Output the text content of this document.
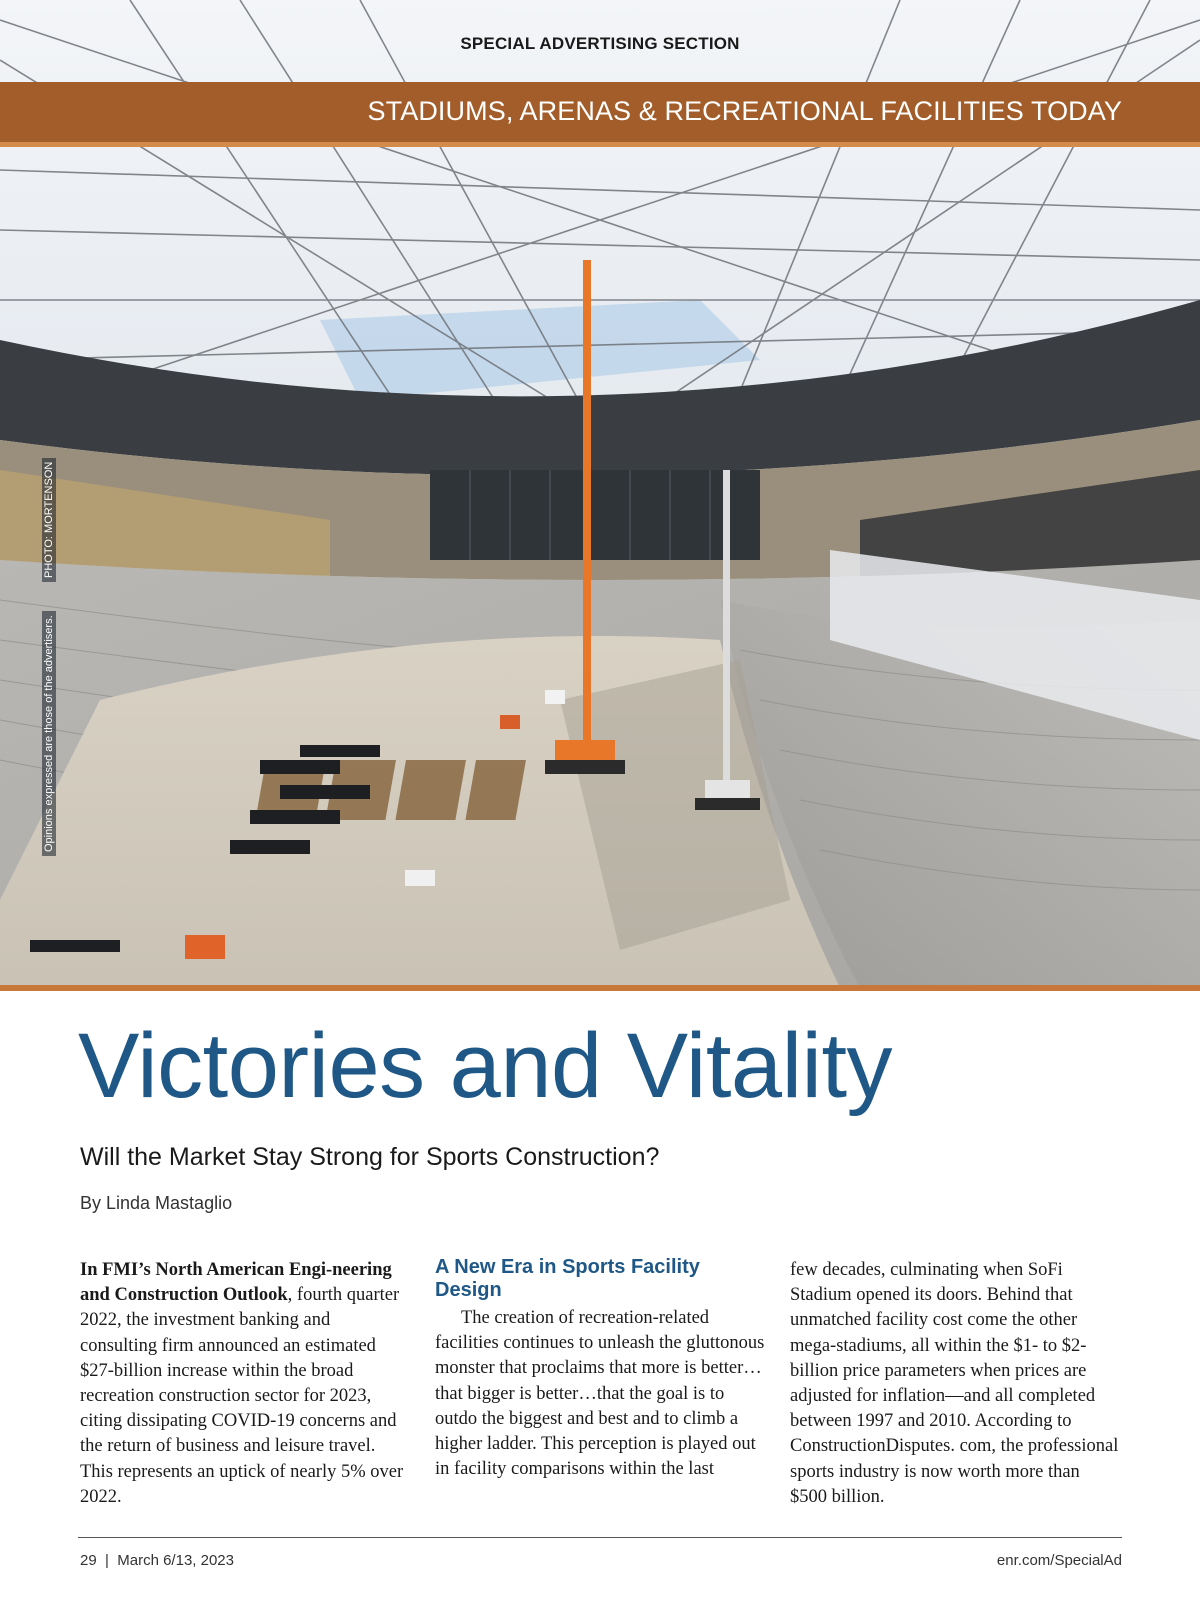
SPECIAL ADVERTISING SECTION
STADIUMS, ARENAS & RECREATIONAL FACILITIES TODAY
PHOTO: MORTENSON
Opinions expressed are those of the advertisers.
Victories and Vitality
Will the Market Stay Strong for Sports Construction?
By Linda Mastaglio

In FMI’s North American Engi-neering and Construction Outlook, fourth quarter 2022, the investment banking and consulting firm announced an estimated $27-billion increase within the broad recreation construction sector for 2023, citing dissipating COVID-19 concerns and the return of business and leisure travel. This represents an uptick of nearly 5% over 2022.

A New Era in Sports Facility Design

The creation of recreation-related facilities continues to unleash the gluttonous monster that proclaims that more is better…that bigger is better…that the goal is to outdo the biggest and best and to climb a higher ladder. This perception is played out in facility comparisons within the last

few decades, culminating when SoFi Stadium opened its doors. Behind that unmatched facility cost come the other mega-stadiums, all within the $1- to $2-billion price parameters when prices are adjusted for inflation—and all completed between 1997 and 2010. According to ConstructionDisputes. com, the professional sports industry is now worth more than $500 billion.

29  |  March 6/13, 2023	enr.com/SpecialAd
